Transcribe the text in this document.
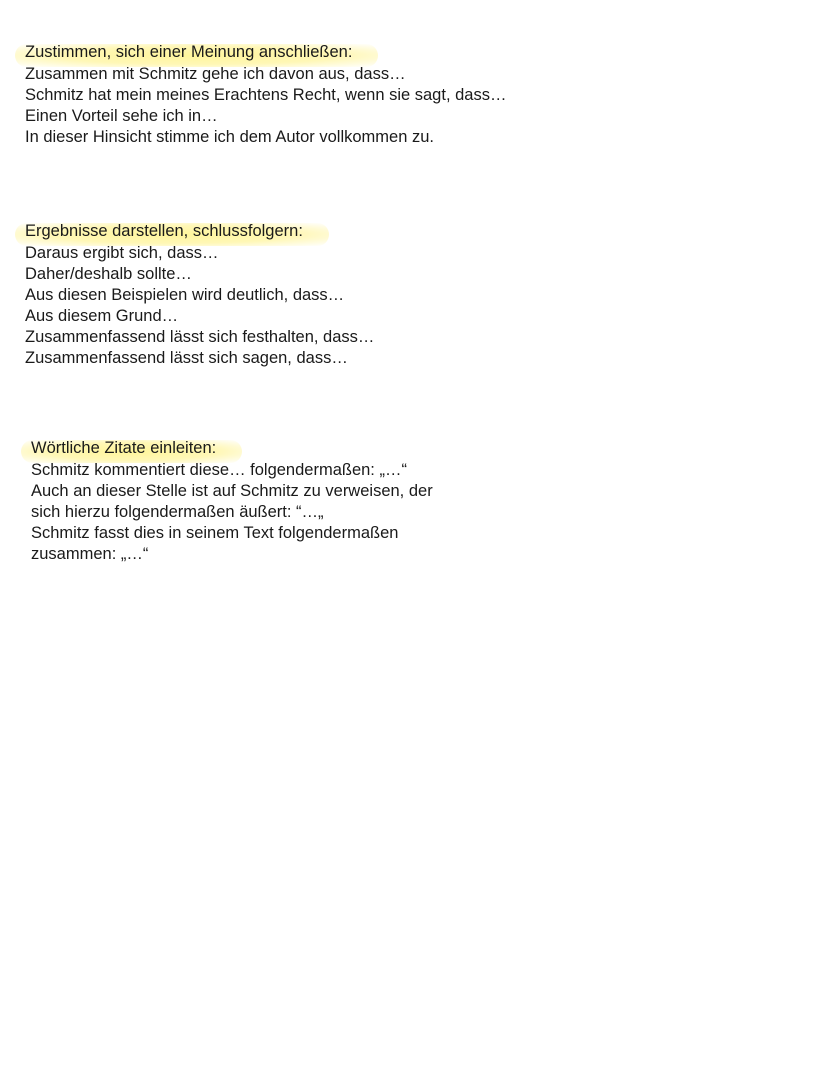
Zustimmen, sich einer Meinung anschließen:
Zusammen mit Schmitz gehe ich davon aus, dass…
Schmitz hat mein meines Erachtens Recht, wenn sie sagt, dass…
Einen Vorteil sehe ich in…
In dieser Hinsicht stimme ich dem Autor vollkommen zu.
Ergebnisse darstellen, schlussfolgern:
Daraus ergibt sich, dass…
Daher/deshalb sollte…
Aus diesen Beispielen wird deutlich, dass…
Aus diesem Grund…
Zusammenfassend lässt sich festhalten, dass…
Zusammenfassend lässt sich sagen, dass…
Wörtliche Zitate einleiten:
Schmitz kommentiert diese… folgendermaßen: „…“
Auch an dieser Stelle ist auf Schmitz zu verweisen, der
sich hierzu folgendermaßen äußert: “…„
Schmitz fasst dies in seinem Text folgendermaßen
zusammen: „…“
